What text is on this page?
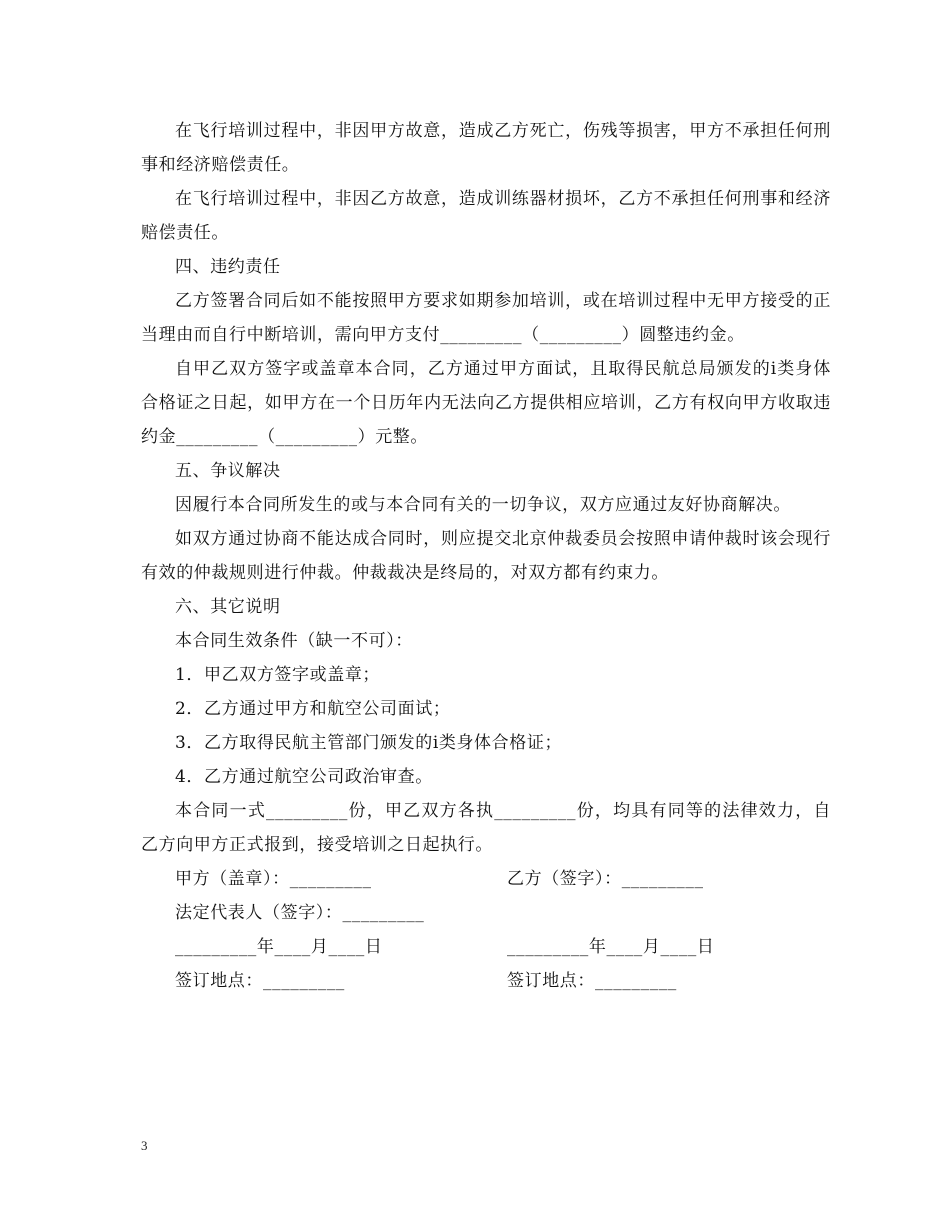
在飞行培训过程中，非因甲方故意，造成乙方死亡，伤残等损害，甲方不承担任何刑事和经济赔偿责任。

在飞行培训过程中，非因乙方故意，造成训练器材损坏，乙方不承担任何刑事和经济赔偿责任。

四、违约责任

乙方签署合同后如不能按照甲方要求如期参加培训，或在培训过程中无甲方接受的正当理由而自行中断培训，需向甲方支付_________（_________）圆整违约金。

自甲乙双方签字或盖章本合同，乙方通过甲方面试，且取得民航总局颁发的ⅰ类身体合格证之日起，如甲方在一个日历年内无法向乙方提供相应培训，乙方有权向甲方收取违约金_________（_________）元整。

五、争议解决

因履行本合同所发生的或与本合同有关的一切争议，双方应通过友好协商解决。

如双方通过协商不能达成合同时，则应提交北京仲裁委员会按照申请仲裁时该会现行有效的仲裁规则进行仲裁。仲裁裁决是终局的，对双方都有约束力。

六、其它说明

本合同生效条件（缺一不可）：

1．甲乙双方签字或盖章；

2．乙方通过甲方和航空公司面试；

3．乙方取得民航主管部门颁发的ⅰ类身体合格证；

4．乙方通过航空公司政治审查。

本合同一式_________份，甲乙双方各执_________份，均具有同等的法律效力，自乙方向甲方正式报到，接受培训之日起执行。

甲方（盖章）：_________	乙方（签字）：_________
法定代表人（签字）：_________
_________年____月____日	_________年____月____日
签订地点：_________	签订地点：_________
3
